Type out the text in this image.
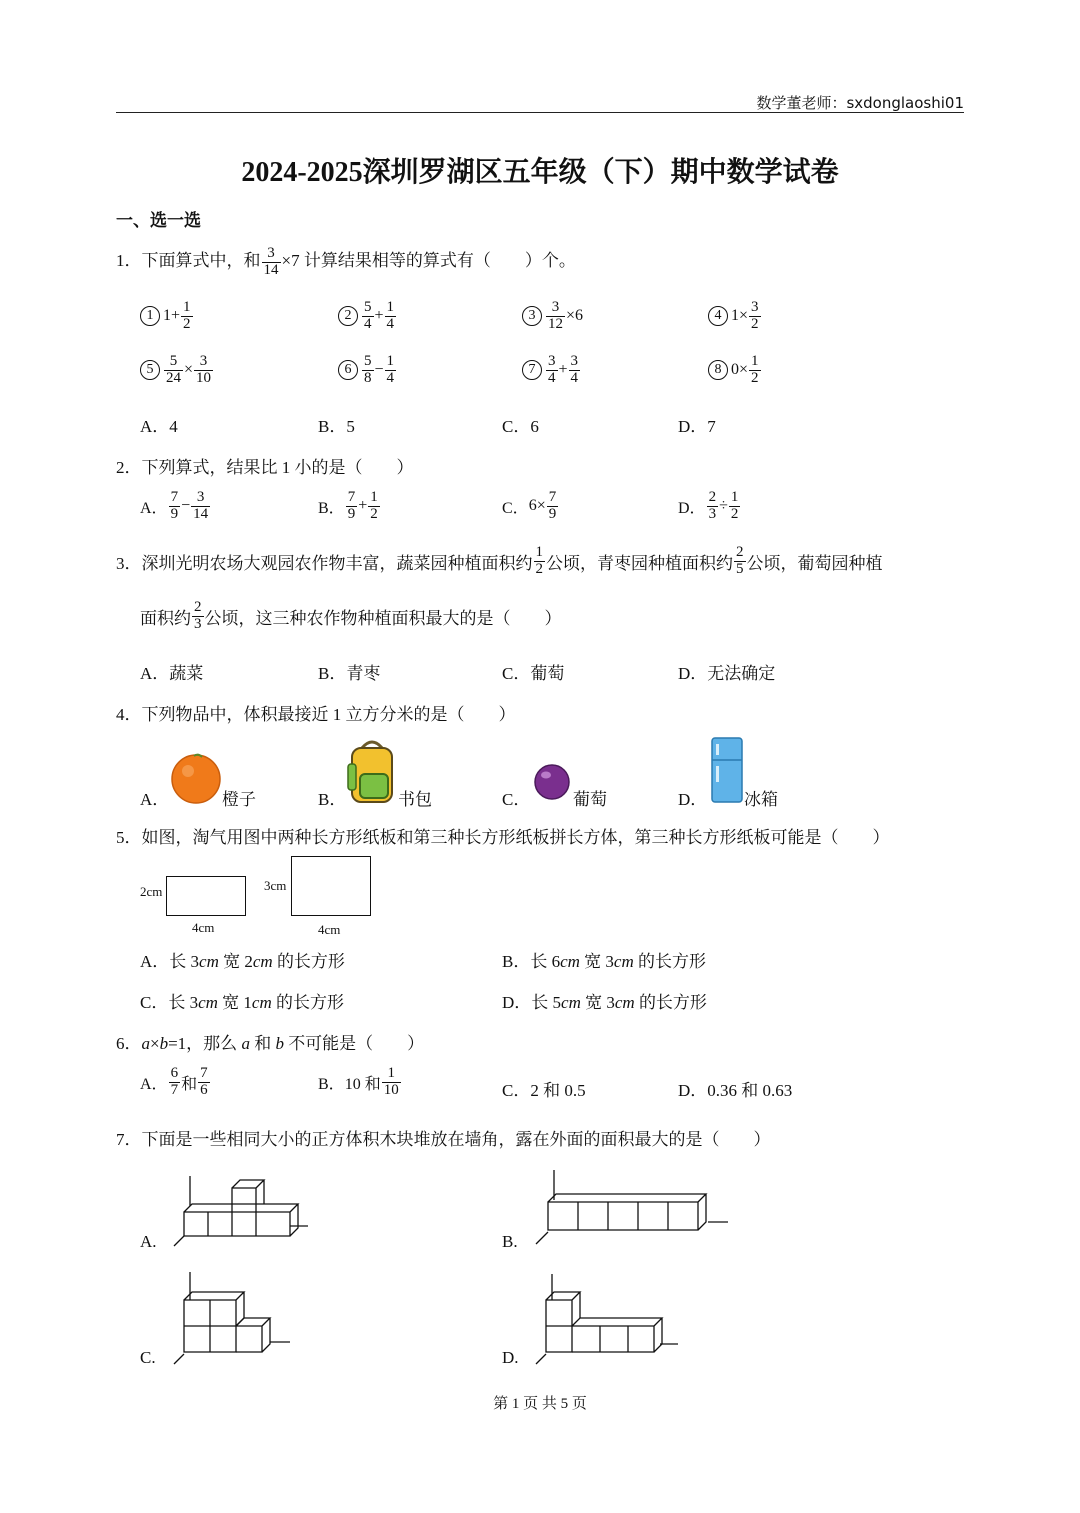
数学董老师：sxdonglaoshi01
2024-2025深圳罗湖区五年级（下）期中数学试卷
一、选一选
1．下面算式中，和 $\frac{3}{14} \times 7$ 计算结果相等的算式有（　　）个。
1 $1+ \frac{1}{2}$	$2 \frac{5}{4} + \frac{1}{4}$	$3 \frac{3}{12} \times 6$	4 $1\times \frac{3}{2}$
$5 \frac{5}{24} \times \frac{3}{10}$	$6 \frac{5}{8} - \frac{1}{4}$	$7 \frac{3}{4} + \frac{3}{4}$	8 $0\times \frac{1}{2}$
A．4	B．5	C．6	D．7
2．下列算式，结果比 1 小的是（　　）
A． $\frac{7}{9} - \frac{3}{14}$	B． $\frac{7}{9} + \frac{1}{2}$	C． $6\times \frac{7}{9}$	D． $\frac{2}{3} \div \frac{1}{2}$
3．深圳光明农场大观园农作物丰富，蔬菜园种植面积约 $\frac{1}{2}$ 公顷，青枣园种植面积约 $\frac{2}{5}$ 公顷，葡萄园种植
面积约 $\frac{2}{3}$ 公顷，这三种农作物种植面积最大的是（　　）
A．蔬菜	B．青枣	C．葡萄	D．无法确定
4．下列物品中，体积最接近 1 立方分米的是（　　）
A．	橙子	B．	书包	C．	葡萄	D． 冰箱
5．如图，淘气用图中两种长方形纸板和第三种长方形纸板拼长方体，第三种长方形纸板可能是（　　）
2cm
4cm
3cm
4cm
A．长 3cm 宽 2cm 的长方形	B．长 6cm 宽 3cm 的长方形
C．长 3cm 宽 1cm 的长方形	D．长 5cm 宽 3cm 的长方形
6．a×b=1，那么 a 和 b 不可能是（　　）
A． $\frac{6}{7}$ 和 $\frac{7}{6}$	B． 10 和 $\frac{1}{10}$	C．2 和 0.5	D．0.36 和 0.63
7．下面是一些相同大小的正方体积木块堆放在墙角，露在外面的面积最大的是（　　）
A.	B.
C.	D.
第 1 页 共 5 页
